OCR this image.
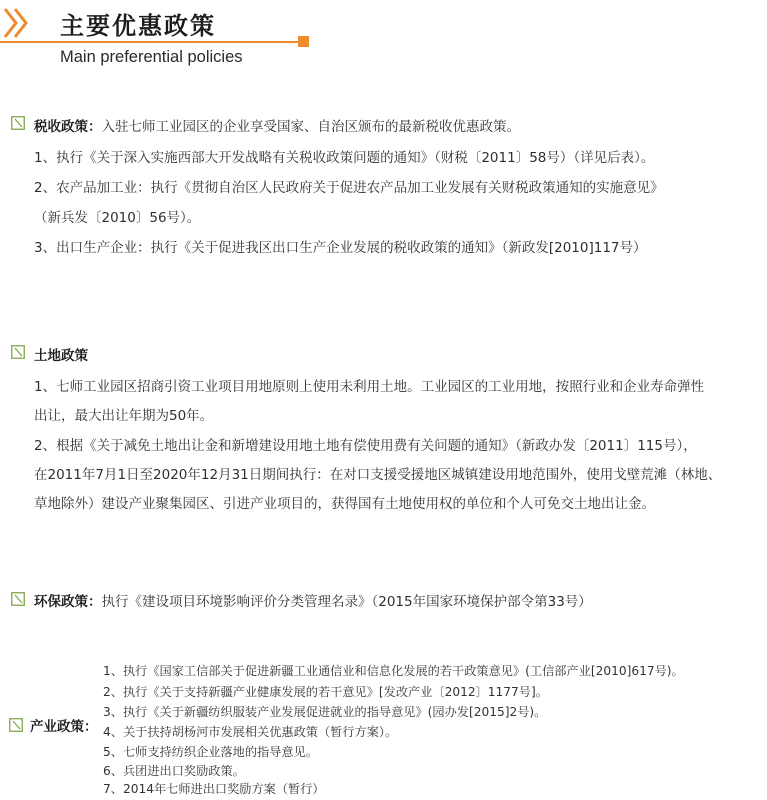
主要优惠政策
Main preferential policies
税收政策：入驻七师工业园区的企业享受国家、自治区颁布的最新税收优惠政策。
1、执行《关于深入实施西部大开发战略有关税收政策问题的通知》（财税〔2011〕58号）（详见后表）。
2、农产品加工业：执行《贯彻自治区人民政府关于促进农产品加工业发展有关财税政策通知的实施意见》
（新兵发〔2010〕56号）。
3、出口生产企业：执行《关于促进我区出口生产企业发展的税收政策的通知》（新政发[2010]117号）
土地政策
1、七师工业园区招商引资工业项目用地原则上使用未利用土地。工业园区的工业用地，按照行业和企业寿命弹性
出让，最大出让年期为50年。
2、根据《关于减免土地出让金和新增建设用地土地有偿使用费有关问题的通知》（新政办发〔2011〕115号），
在2011年7月1日至2020年12月31日期间执行：在对口支援受援地区城镇建设用地范围外，使用戈壁荒滩（林地、
草地除外）建设产业聚集园区、引进产业项目的，获得国有土地使用权的单位和个人可免交土地出让金。
环保政策：执行《建设项目环境影响评价分类管理名录》（2015年国家环境保护部令第33号）
产业政策：
1、执行《国家工信部关于促进新疆工业通信业和信息化发展的若干政策意见》(工信部产业[2010]617号)。
2、执行《关于支持新疆产业健康发展的若干意见》[发改产业〔2012〕1177号]。
3、执行《关于新疆纺织服装产业发展促进就业的指导意见》(园办发[2015]2号)。
4、关于扶持胡杨河市发展相关优惠政策（暂行方案）。
5、七师支持纺织企业落地的指导意见。
6、兵团进出口奖励政策。
7、2014年七师进出口奖励方案（暂行）
